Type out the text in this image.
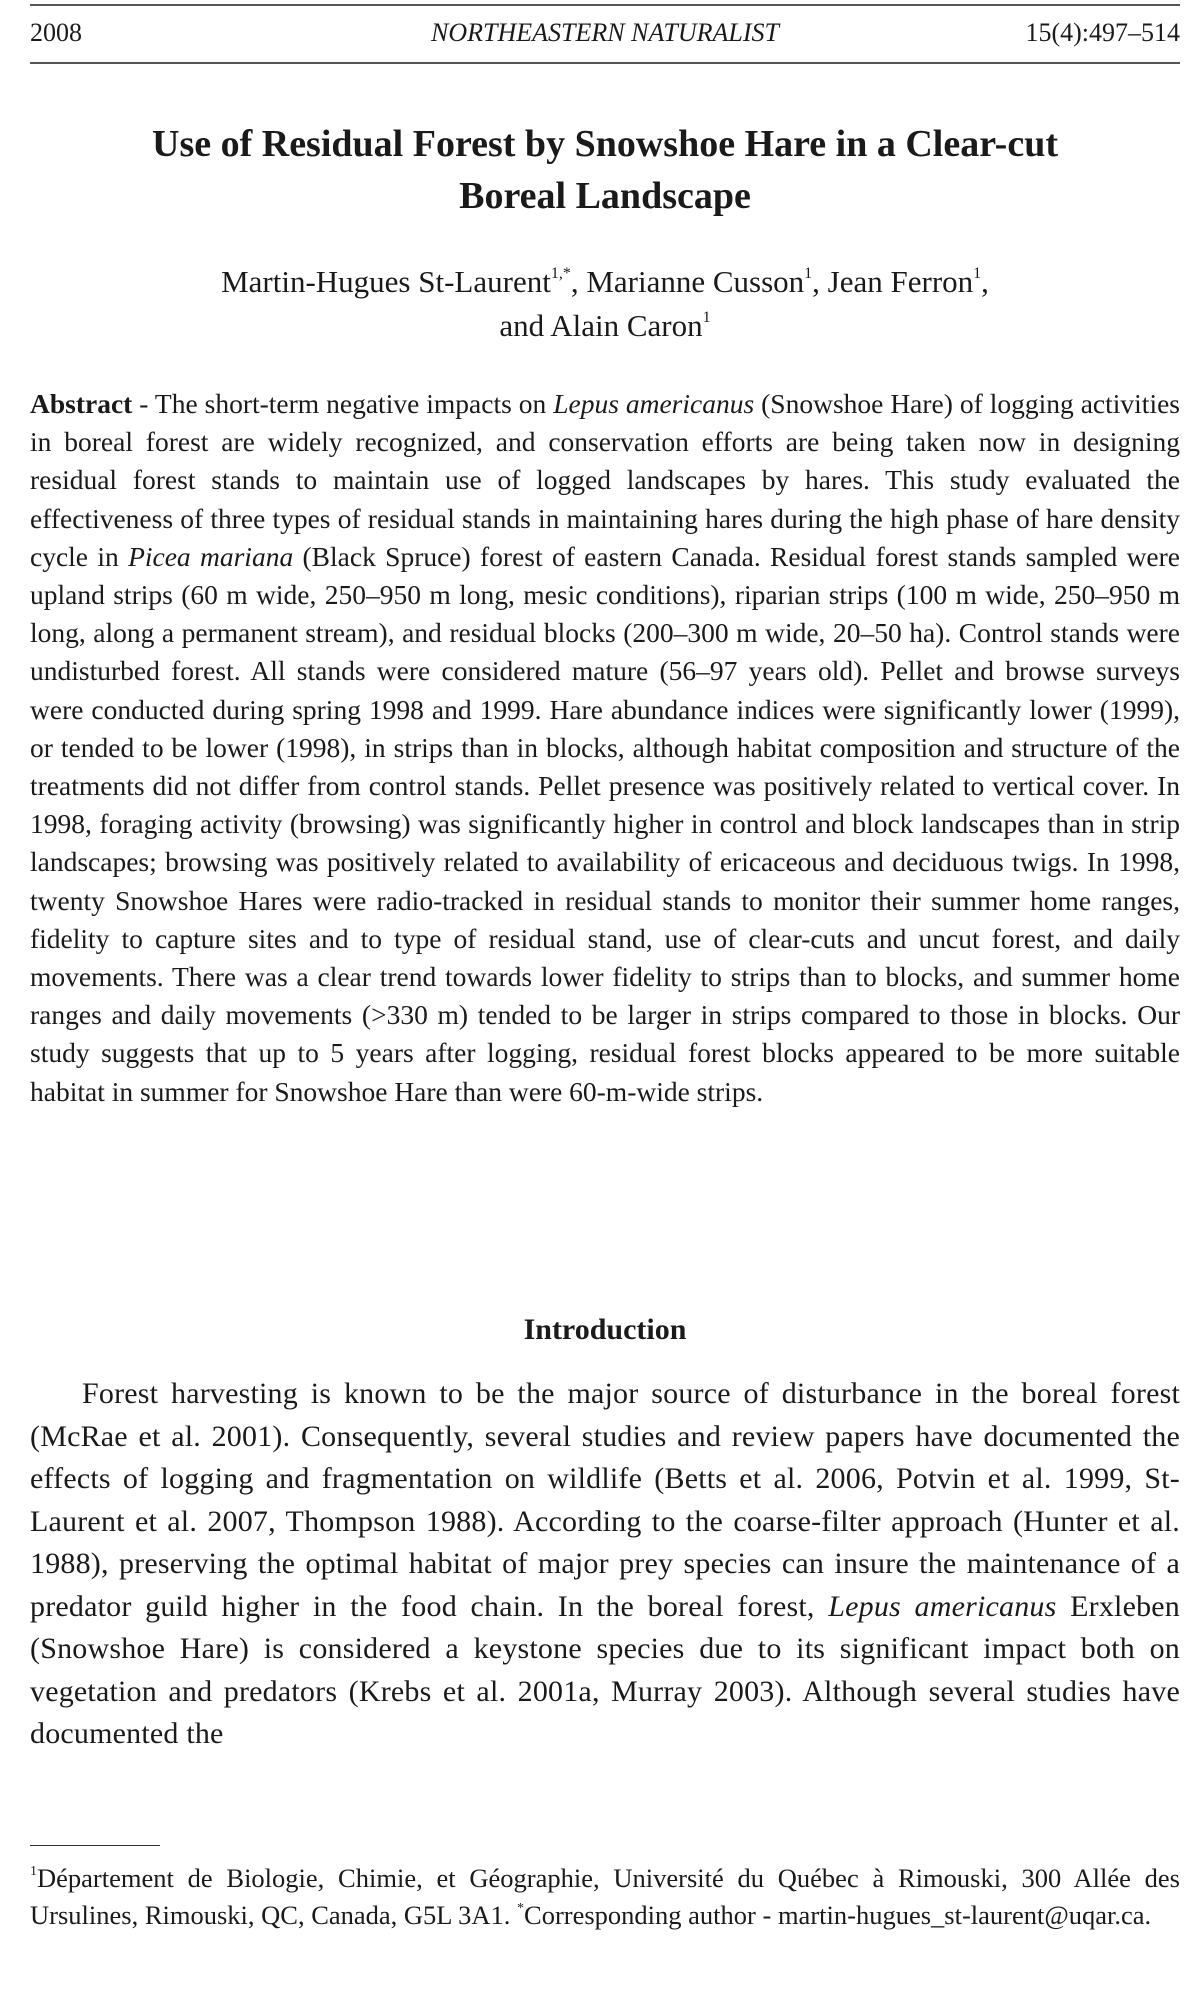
2008	NORTHEASTERN NATURALIST	15(4):497–514
Use of Residual Forest by Snowshoe Hare in a Clear-cut
Boreal Landscape
Martin-Hugues St-Laurent$^{1,*}$, Marianne Cusson$^1$, Jean Ferron$^1$,
and Alain Caron$^1$
Abstract - The short-term negative impacts on Lepus americanus (Snowshoe Hare) of logging activities in boreal forest are widely recognized, and conservation efforts are being taken now in designing residual forest stands to maintain use of logged landscapes by hares. This study evaluated the effectiveness of three types of residual stands in maintaining hares during the high phase of hare density cycle in Picea mariana (Black Spruce) forest of eastern Canada. Residual forest stands sampled were upland strips (60 m wide, 250–950 m long, mesic conditions), riparian strips (100 m wide, 250–950 m long, along a permanent stream), and residual blocks (200–300 m wide, 20–50 ha). Control stands were undisturbed forest. All stands were considered mature (56–97 years old). Pellet and browse surveys were conducted during spring 1998 and 1999. Hare abundance indices were significantly lower (1999), or tended to be lower (1998), in strips than in blocks, although habitat composition and structure of the treatments did not differ from control stands. Pellet presence was positively related to vertical cover. In 1998, foraging activity (browsing) was significantly higher in control and block landscapes than in strip landscapes; browsing was positively related to availability of ericaceous and deciduous twigs. In 1998, twenty Snowshoe Hares were radio-tracked in residual stands to monitor their summer home ranges, fidelity to capture sites and to type of residual stand, use of clear-cuts and uncut forest, and daily movements. There was a clear trend towards lower fidelity to strips than to blocks, and summer home ranges and daily movements (>330 m) tended to be larger in strips compared to those in blocks. Our study suggests that up to 5 years after logging, residual forest blocks appeared to be more suitable habitat in summer for Snowshoe Hare than were 60-m-wide strips.
Introduction
Forest harvesting is known to be the major source of disturbance in the boreal forest (McRae et al. 2001). Consequently, several studies and review papers have documented the effects of logging and fragmentation on wildlife (Betts et al. 2006, Potvin et al. 1999, St-Laurent et al. 2007, Thompson 1988). According to the coarse-filter approach (Hunter et al. 1988), preserving the optimal habitat of major prey species can insure the maintenance of a predator guild higher in the food chain. In the boreal forest, Lepus americanus Erxleben (Snowshoe Hare) is considered a keystone species due to its significant impact both on vegetation and predators (Krebs et al. 2001a, Murray 2003). Although several studies have documented the
$^1$Département de Biologie, Chimie, et Géographie, Université du Québec à Rimouski, 300 Allée des Ursulines, Rimouski, QC, Canada, G5L 3A1. *Corresponding author - martin-hugues_st-laurent@uqar.ca.
